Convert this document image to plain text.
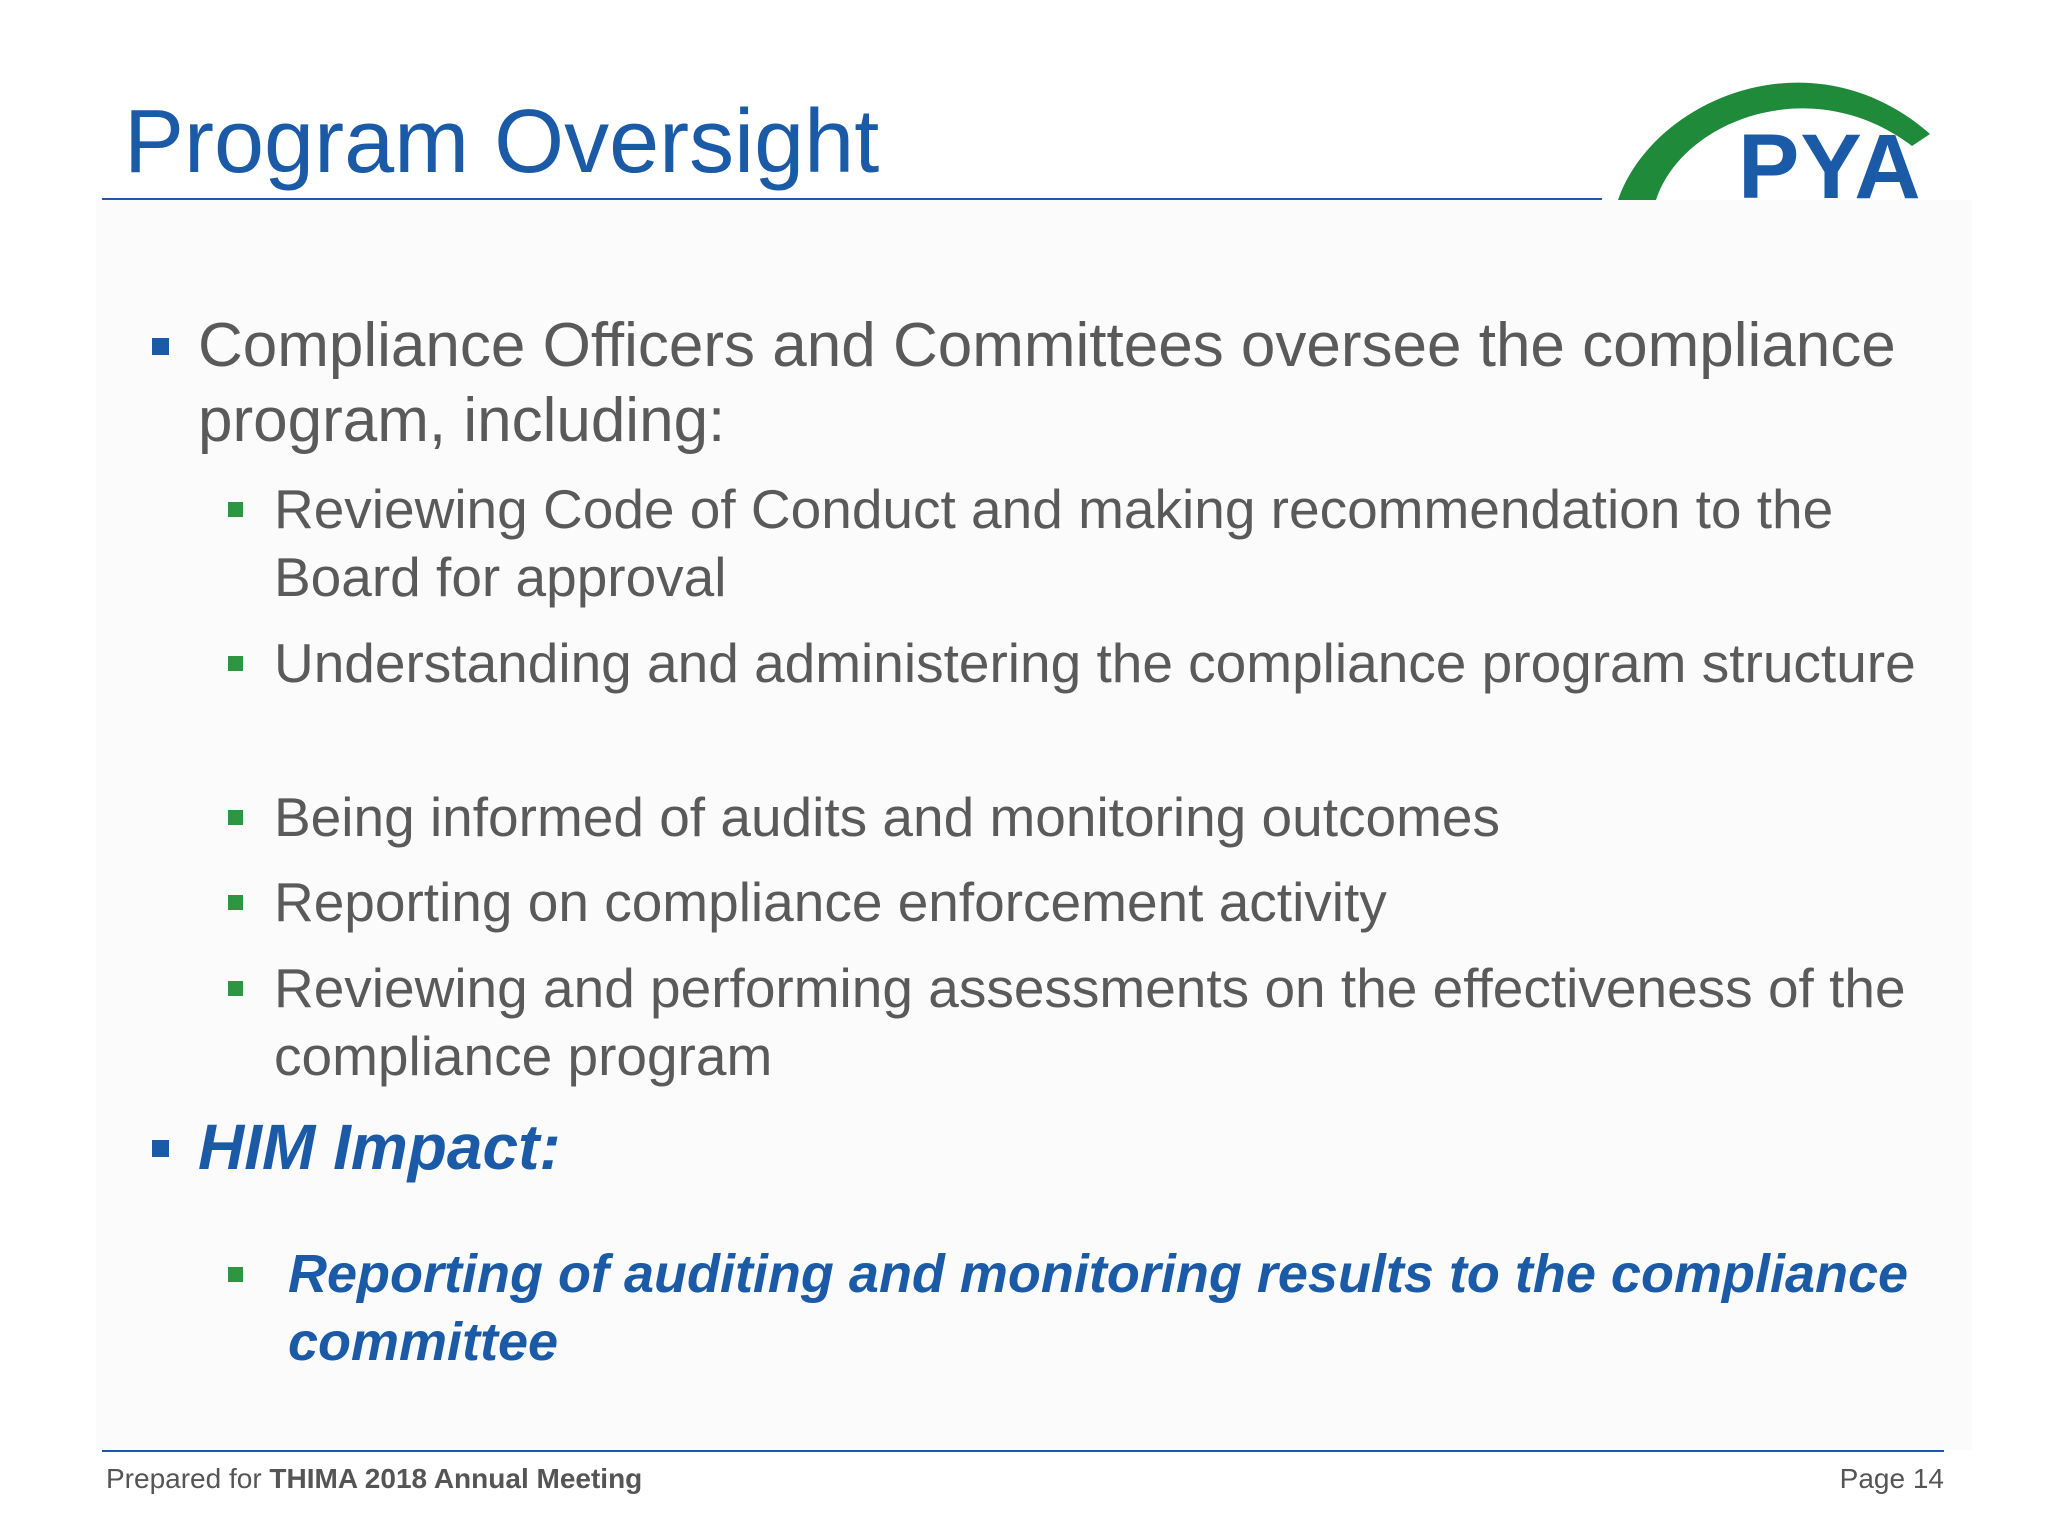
Program Oversight	PYA
Compliance Officers and Committees oversee the compliance program, including:
Reviewing Code of Conduct and making recommendation to the Board for approval
Understanding and administering the compliance program structure
Being informed of audits and monitoring outcomes
Reporting on compliance enforcement activity
Reviewing and performing assessments on the effectiveness of the compliance program
HIM Impact:
Reporting of auditing and monitoring results to the compliance committee
Prepared for THIMA 2018 Annual Meeting	Page 14
